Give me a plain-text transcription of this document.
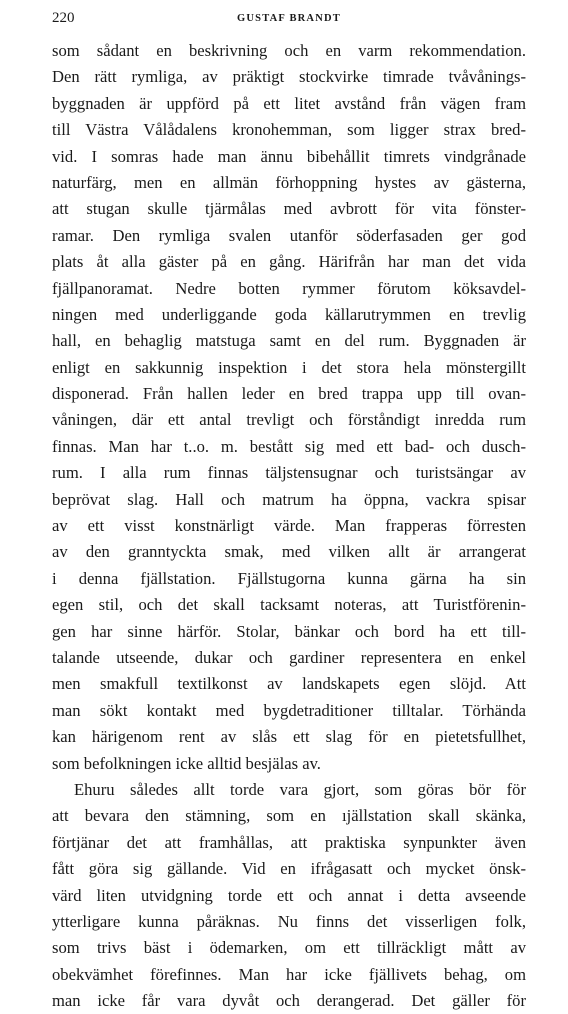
220	GUSTAF BRANDT
som sådant en beskrivning och en varm rekommendation.
Den rätt rymliga, av präktigt stockvirke timrade tvåvånings-
byggnaden är uppförd på ett litet avstånd från vägen fram
till Västra Vålådalens kronohemman, som ligger strax bred-
vid. I somras hade man ännu bibehållit timrets vindgrånade
naturfärg, men en allmän förhoppning hystes av gästerna,
att stugan skulle tjärmålas med avbrott för vita fönster-
ramar. Den rymliga svalen utanför söderfasaden ger god
plats åt alla gäster på en gång. Härifrån har man det vida
fjällpanoramat. Nedre botten rymmer förutom köksavdel-
ningen med underliggande goda källarutrymmen en trevlig
hall, en behaglig matstuga samt en del rum. Byggnaden är
enligt en sakkunnig inspektion i det stora hela mönstergillt
disponerad. Från hallen leder en bred trappa upp till ovan-
våningen, där ett antal trevligt och förståndigt inredda rum
finnas. Man har t..o. m. bestått sig med ett bad- och dusch-
rum. I alla rum finnas täljstensugnar och turistsängar av
beprövat slag. Hall och matrum ha öppna, vackra spisar
av ett visst konstnärligt värde. Man frapperas förresten
av den granntyckta smak, med vilken allt är arrangerat
i denna fjällstation. Fjällstugorna kunna gärna ha sin
egen stil, och det skall tacksamt noteras, att Turistförenin-
gen har sinne härför. Stolar, bänkar och bord ha ett till-
talande utseende, dukar och gardiner representera en enkel
men smakfull textilkonst av landskapets egen slöjd. Att
man sökt kontakt med bygdetraditioner tilltalar. Törhända
kan härigenom rent av slås ett slag för en pietetsfullhet,
som befolkningen icke alltid besjälas av.
Ehuru således allt torde vara gjort, som göras bör för
att bevara den stämning, som en ıjällstation skall skänka,
förtjänar det att framhållas, att praktiska synpunkter även
fått göra sig gällande. Vid en ifrågasatt och mycket önsk-
värd liten utvidgning torde ett och annat i detta avseende
ytterligare kunna påräknas. Nu finns det visserligen folk,
som trivs bäst i ödemarken, om ett tillräckligt mått av
obekvämhet förefinnes. Man har icke fjällivets behag, om
man icke får vara dyvåt och derangerad. Det gäller för
